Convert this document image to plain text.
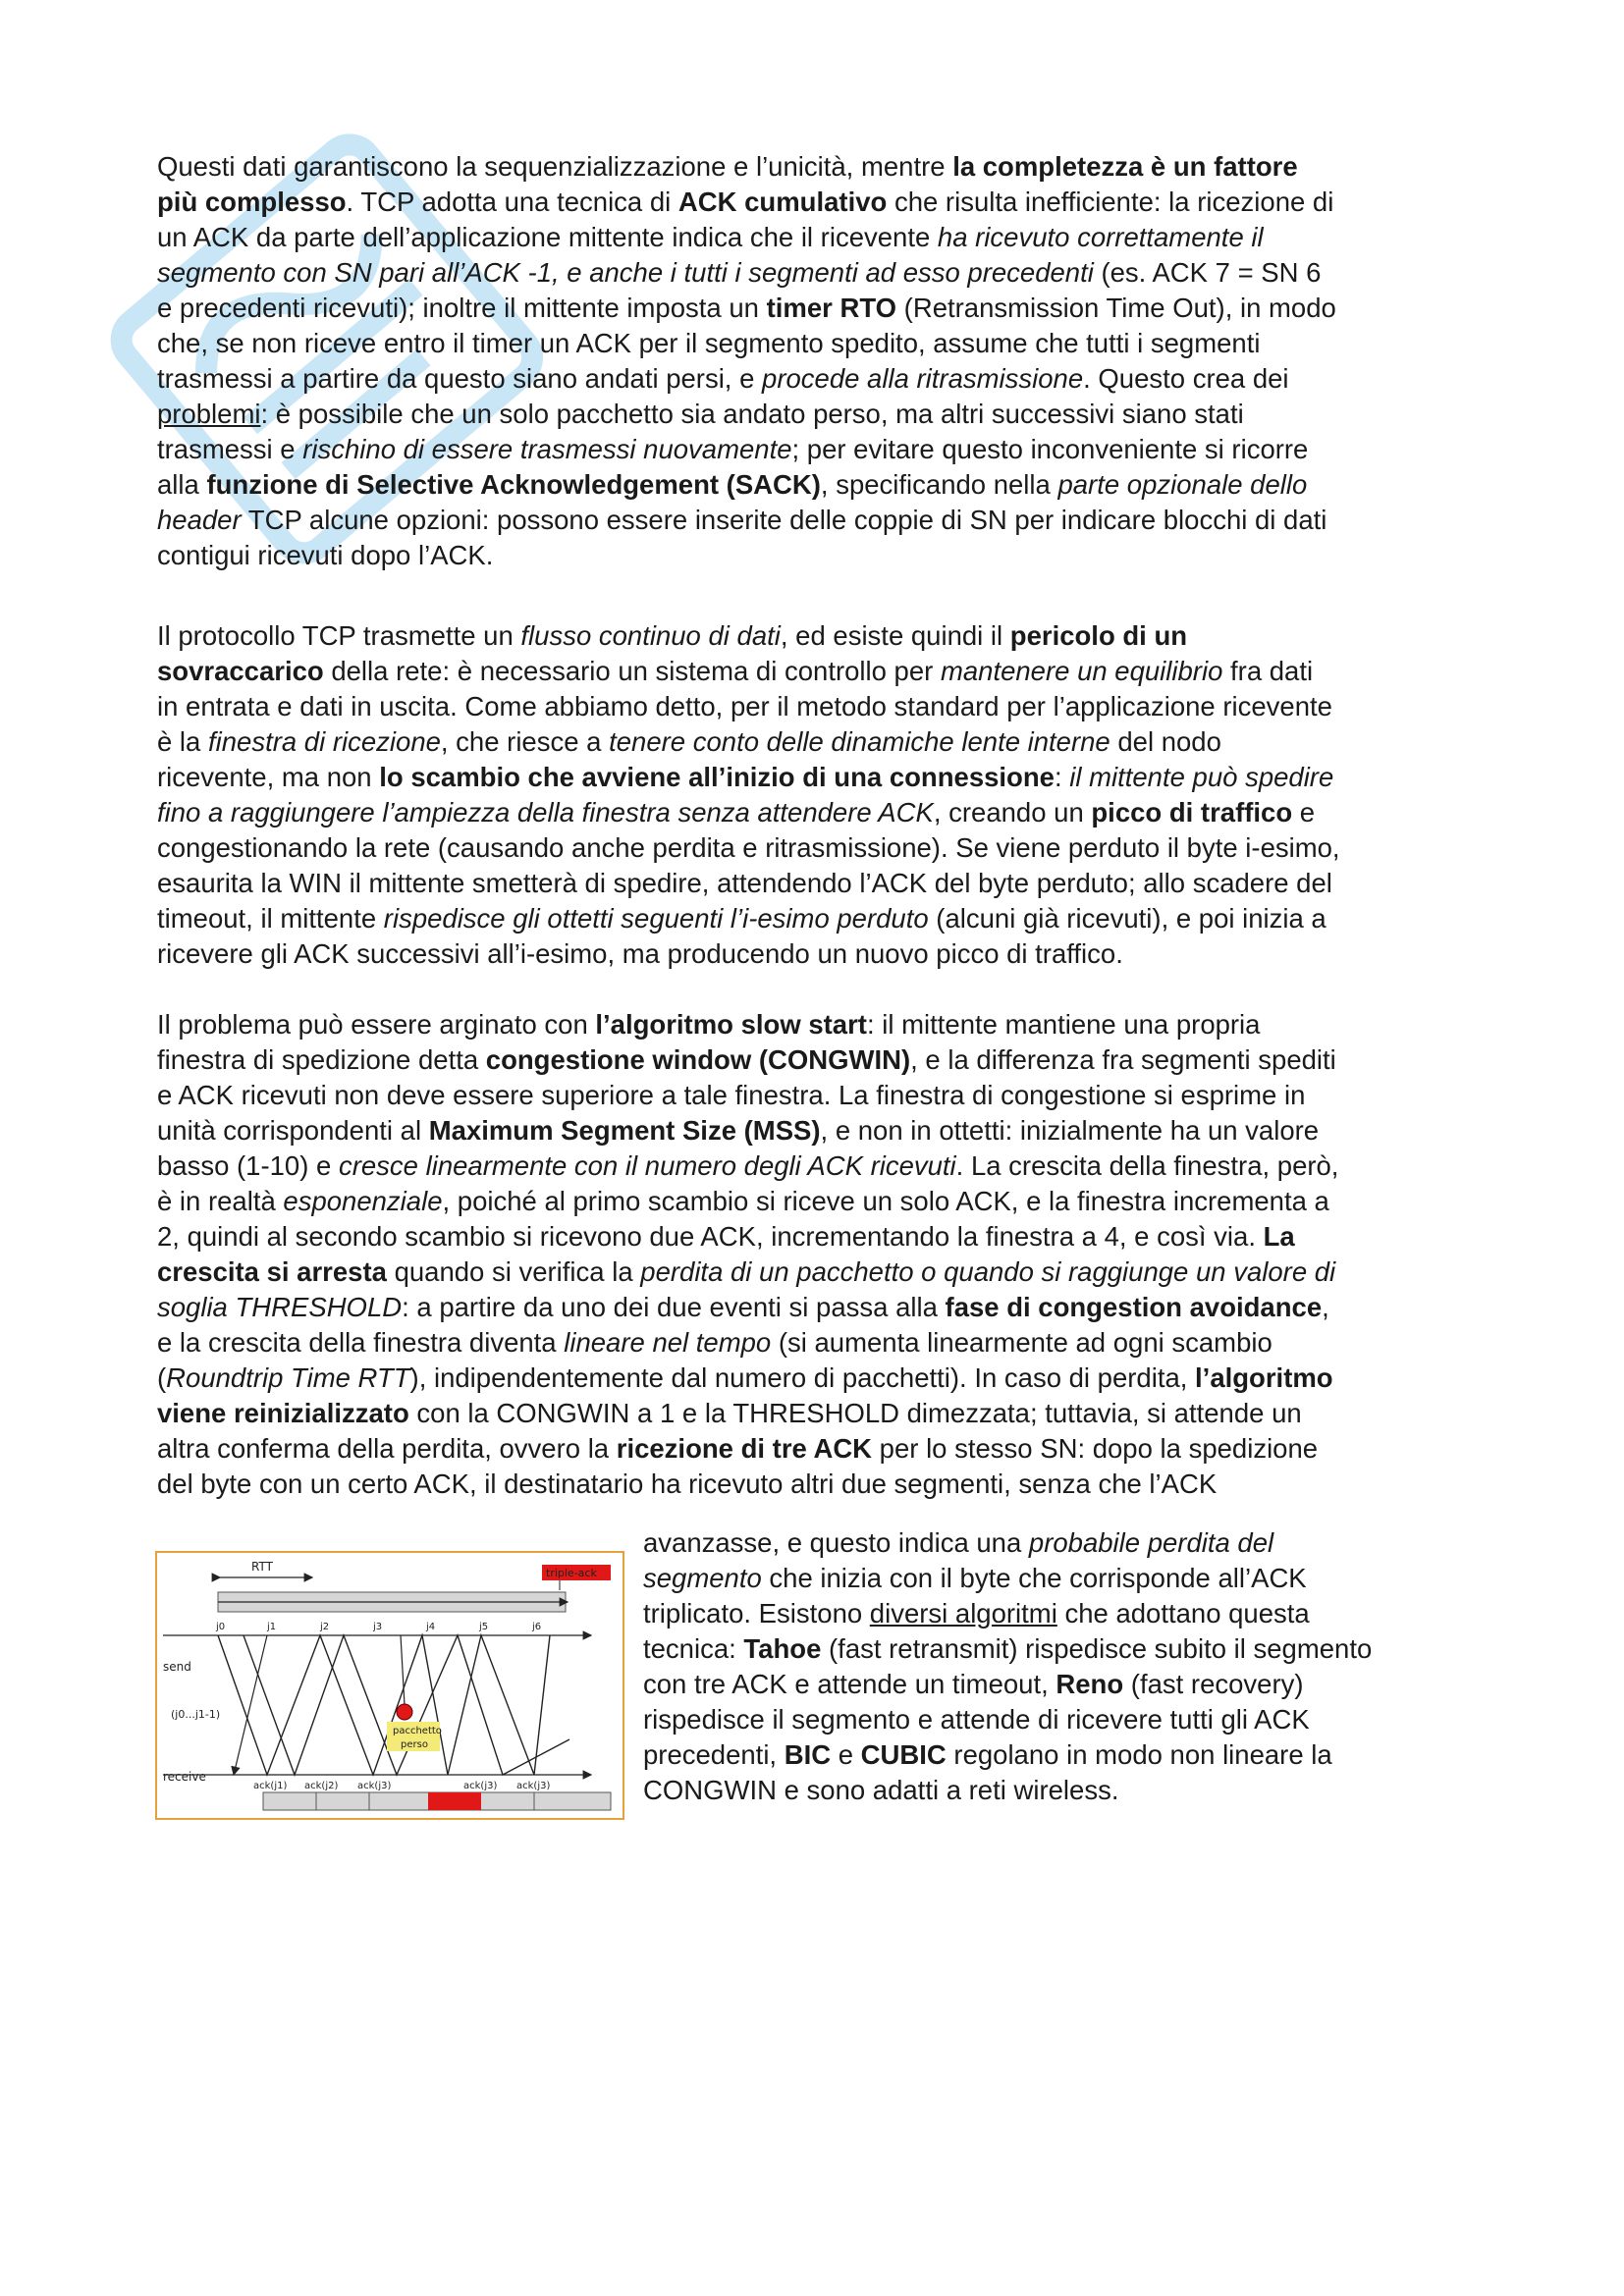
Questi dati garantiscono la sequenzializzazione e l’unicità, mentre la completezza è un fattore
più complesso. TCP adotta una tecnica di ACK cumulativo che risulta inefficiente: la ricezione di
un ACK da parte dell’applicazione mittente indica che il ricevente ha ricevuto correttamente il
segmento con SN pari all’ACK -1, e anche i tutti i segmenti ad esso precedenti (es. ACK 7 = SN 6
e precedenti ricevuti); inoltre il mittente imposta un timer RTO (Retransmission Time Out), in modo
che, se non riceve entro il timer un ACK per il segmento spedito, assume che tutti i segmenti
trasmessi a partire da questo siano andati persi, e procede alla ritrasmissione. Questo crea dei
problemi: è possibile che un solo pacchetto sia andato perso, ma altri successivi siano stati
trasmessi e rischino di essere trasmessi nuovamente; per evitare questo inconveniente si ricorre
alla funzione di Selective Acknowledgement (SACK), specificando nella parte opzionale dello
header TCP alcune opzioni: possono essere inserite delle coppie di SN per indicare blocchi di dati
contigui ricevuti dopo l’ACK.

Il protocollo TCP trasmette un flusso continuo di dati, ed esiste quindi il pericolo di un
sovraccarico della rete: è necessario un sistema di controllo per mantenere un equilibrio fra dati
in entrata e dati in uscita. Come abbiamo detto, per il metodo standard per l’applicazione ricevente
è la finestra di ricezione, che riesce a tenere conto delle dinamiche lente interne del nodo
ricevente, ma non lo scambio che avviene all’inizio di una connessione: il mittente può spedire
fino a raggiungere l’ampiezza della finestra senza attendere ACK, creando un picco di traffico e
congestionando la rete (causando anche perdita e ritrasmissione). Se viene perduto il byte i-esimo,
esaurita la WIN il mittente smetterà di spedire, attendendo l’ACK del byte perduto; allo scadere del
timeout, il mittente rispedisce gli ottetti seguenti l’i-esimo perduto (alcuni già ricevuti), e poi inizia a
ricevere gli ACK successivi all’i-esimo, ma producendo un nuovo picco di traffico.

Il problema può essere arginato con l’algoritmo slow start: il mittente mantiene una propria
finestra di spedizione detta congestione window (CONGWIN), e la differenza fra segmenti spediti
e ACK ricevuti non deve essere superiore a tale finestra. La finestra di congestione si esprime in
unità corrispondenti al Maximum Segment Size (MSS), e non in ottetti: inizialmente ha un valore
basso (1-10) e cresce linearmente con il numero degli ACK ricevuti. La crescita della finestra, però,
è in realtà esponenziale, poiché al primo scambio si riceve un solo ACK, e la finestra incrementa a
2, quindi al secondo scambio si ricevono due ACK, incrementando la finestra a 4, e così via. La
crescita si arresta quando si verifica la perdita di un pacchetto o quando si raggiunge un valore di
soglia THRESHOLD: a partire da uno dei due eventi si passa alla fase di congestion avoidance,
e la crescita della finestra diventa lineare nel tempo (si aumenta linearmente ad ogni scambio
(Roundtrip Time RTT), indipendentemente dal numero di pacchetti). In caso di perdita, l’algoritmo
viene reinizializzato con la CONGWIN a 1 e la THRESHOLD dimezzata; tuttavia, si attende un
altra conferma della perdita, ovvero la ricezione di tre ACK per lo stesso SN: dopo la spedizione
del byte con un certo ACK, il destinatario ha ricevuto altri due segmenti, senza che l’ACK

avanzasse, e questo indica una probabile perdita del
segmento che inizia con il byte che corrisponde all’ACK
triplicato. Esistono diversi algoritmi che adottano questa
tecnica: Tahoe (fast retransmit) rispedisce subito il segmento
con tre ACK e attende un timeout, Reno (fast recovery)
rispedisce il segmento e attende di ricevere tutti gli ACK
precedenti, BIC e CUBIC regolano in modo non lineare la
CONGWIN e sono adatti a reti wireless.

RTT	triple-ack
j0	j1	j2	j3	j4	j5	j6
send
(j0...j1-1)
pacchetto
perso
receive
ack(j1) ack(j2) ack(j3)	ack(j3) ack(j3)
